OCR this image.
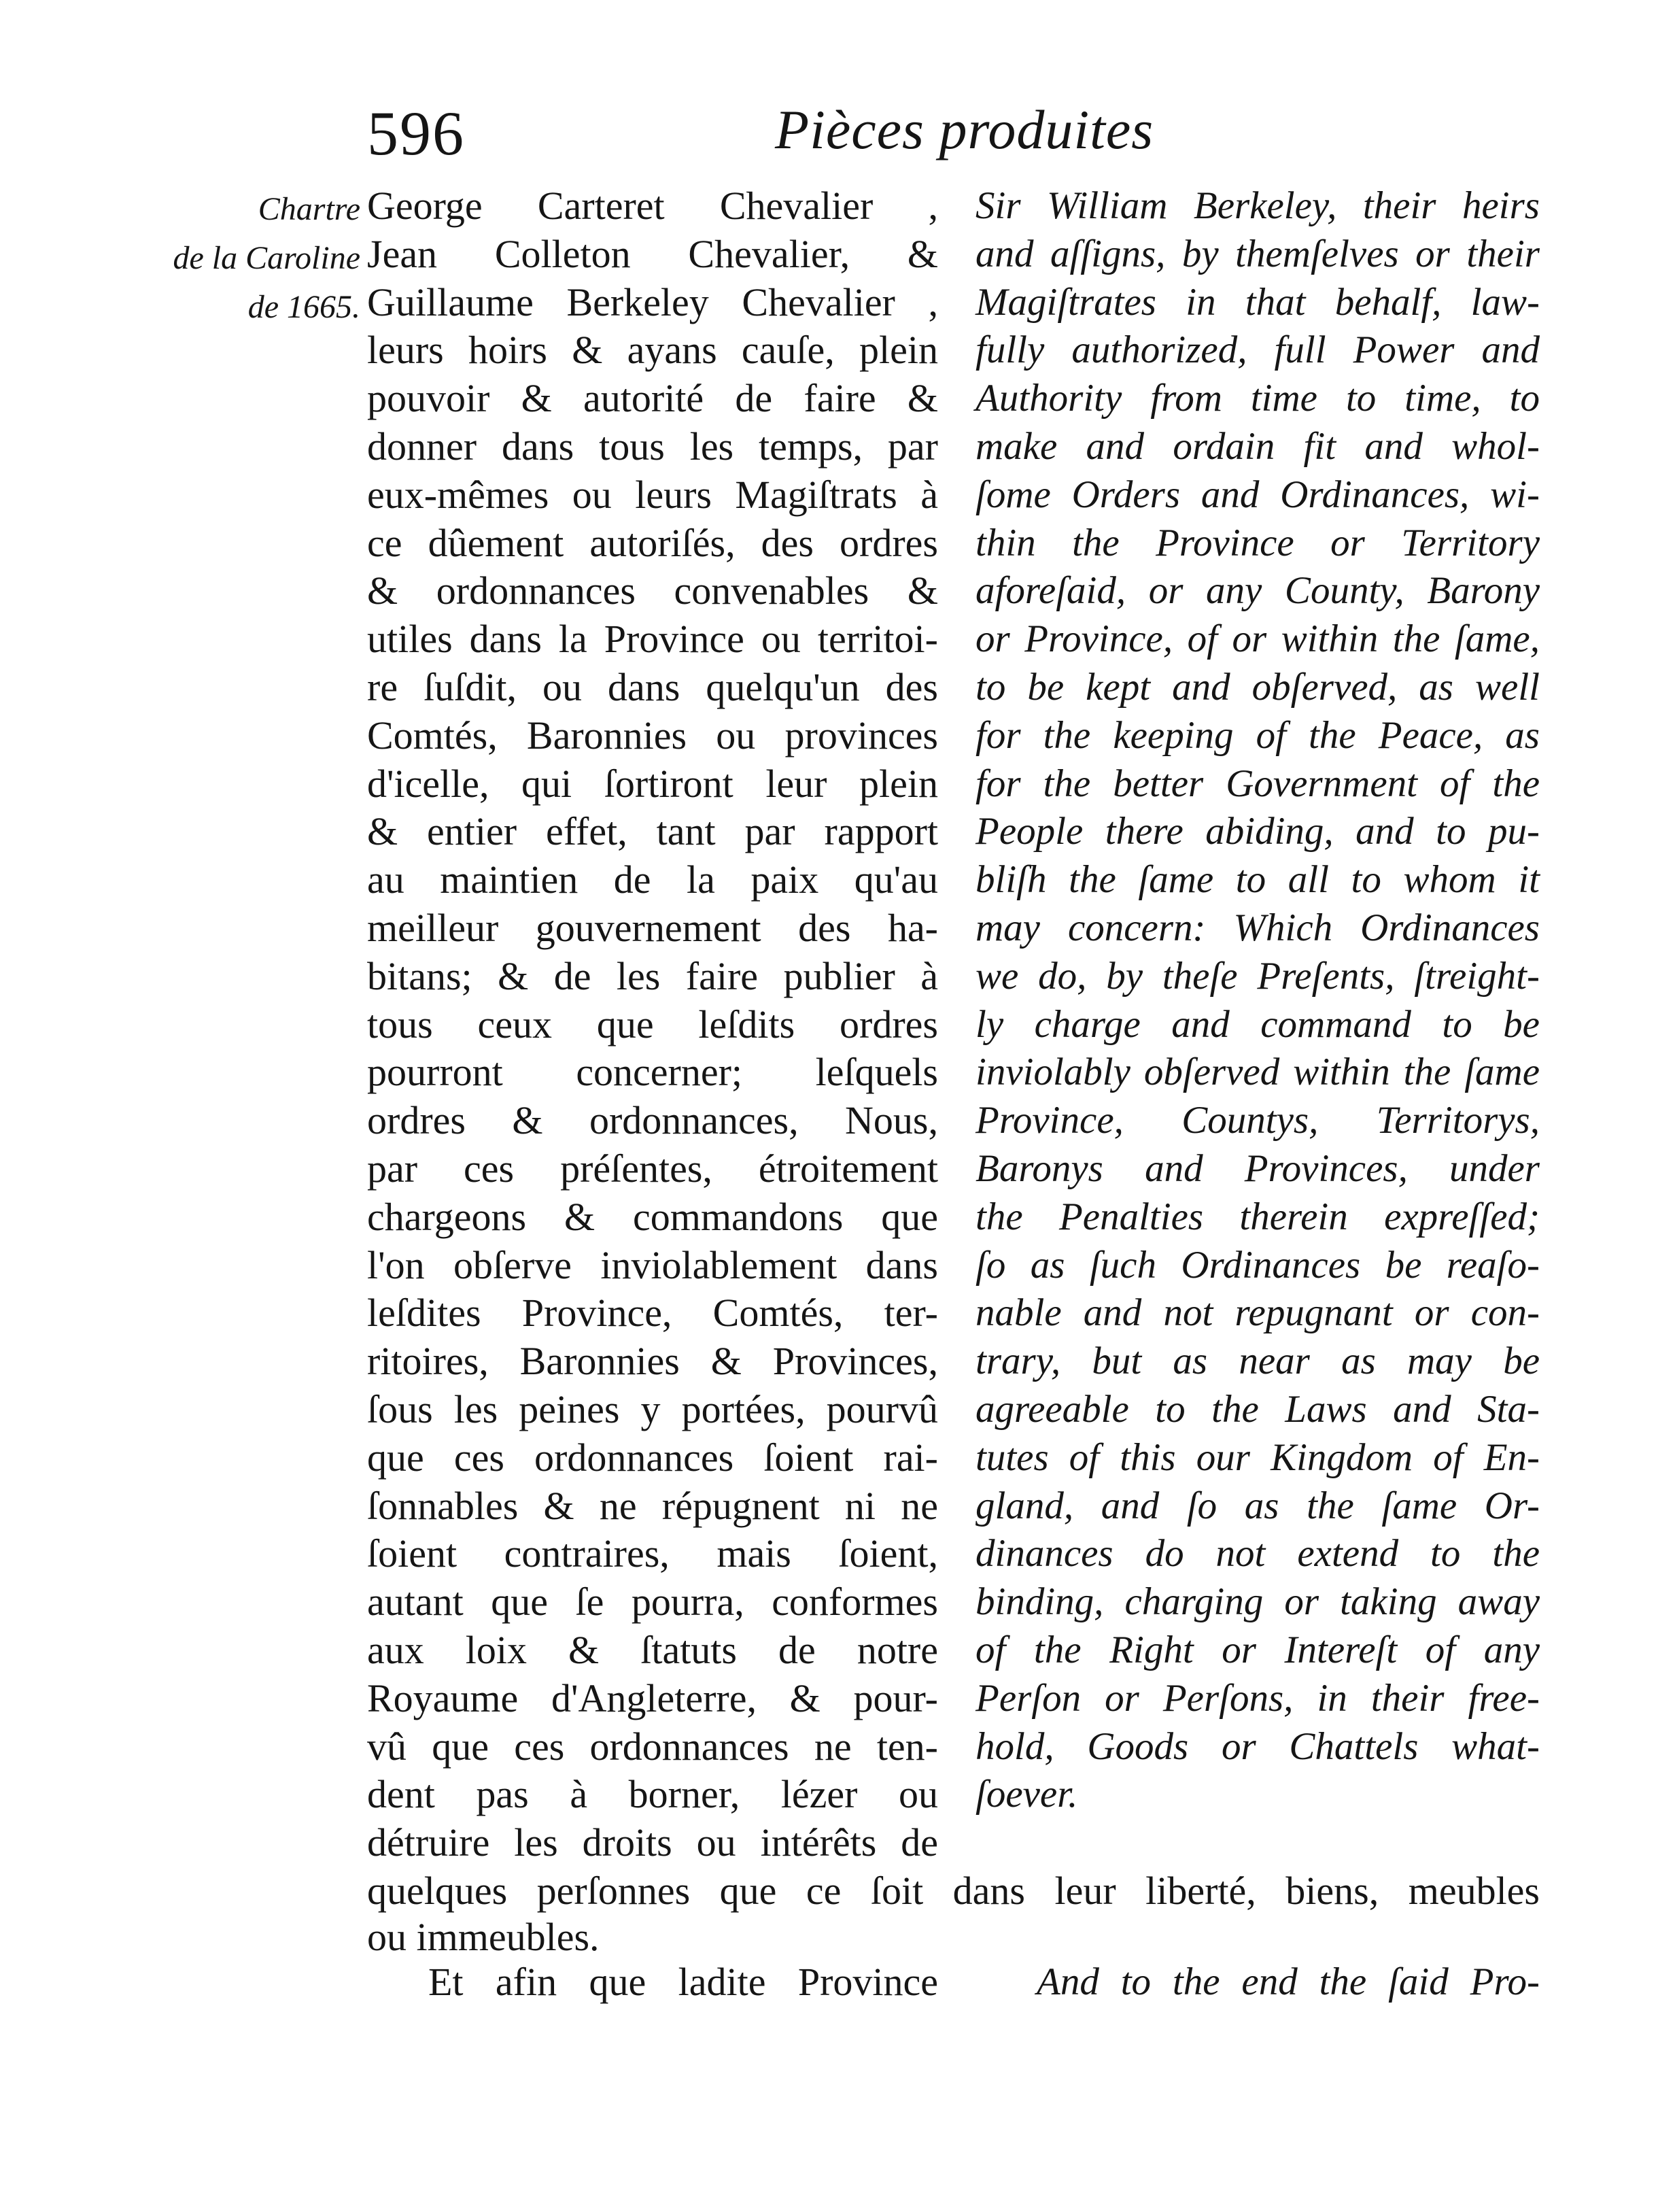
596	Pièces produites
Chartre
de la Caroline
de 1665.
George Carteret Chevalier ,
Jean Colleton Chevalier, &
Guillaume Berkeley Chevalier ,
leurs hoirs & ayans cauſe, plein
pouvoir & autorité de faire &
donner dans tous les temps, par
eux-mêmes ou leurs Magiſtrats à
ce dûement autoriſés, des ordres
& ordonnances convenables &
utiles dans la Province ou territoi-
re ſuſdit, ou dans quelqu'un des
Comtés, Baronnies ou provinces
d'icelle, qui ſortiront leur plein
& entier effet, tant par rapport
au maintien de la paix qu'au
meilleur gouvernement des ha-
bitans; & de les faire publier à
tous ceux que leſdits ordres
pourront concerner; leſquels
ordres & ordonnances, Nous,
par ces préſentes, étroitement
chargeons & commandons que
l'on obſerve inviolablement dans
leſdites Province, Comtés, ter-
ritoires, Baronnies & Provinces,
ſous les peines y portées, pourvû
que ces ordonnances ſoient rai-
ſonnables & ne répugnent ni ne
ſoient contraires, mais ſoient,
autant que ſe pourra, conformes
aux loix & ſtatuts de notre
Royaume d'Angleterre, & pour-
vû que ces ordonnances ne ten-
dent pas à borner, lézer ou
détruire les droits ou intérêts de
Sir William Berkeley, their heirs
and aſſigns, by themſelves or their
Magiſtrates in that behalf, law-
fully authorized, full Power and
Authority from time to time, to
make and ordain fit and whol-
ſome Orders and Ordinances, wi-
thin the Province or Territory
aforeſaid, or any County, Barony
or Province, of or within the ſame,
to be kept and obſerved, as well
for the keeping of the Peace, as
for the better Government of the
People there abiding, and to pu-
bliſh the ſame to all to whom it
may concern: Which Ordinances
we do, by theſe Preſents, ſtreight-
ly charge and command to be
inviolably obſerved within the ſame
Province, Countys, Territorys,
Baronys and Provinces, under
the Penalties therein expreſſed;
ſo as ſuch Ordinances be reaſo-
nable and not repugnant or con-
trary, but as near as may be
agreeable to the Laws and Sta-
tutes of this our Kingdom of En-
gland, and ſo as the ſame Or-
dinances do not extend to the
binding, charging or taking away
of the Right or Intereſt of any
Perſon or Perſons, in their free-
hold, Goods or Chattels what-
ſoever.
quelques perſonnes que ce ſoit dans leur liberté, biens, meubles
ou immeubles.
Et afin que ladite Province	And to the end the ſaid Pro-
